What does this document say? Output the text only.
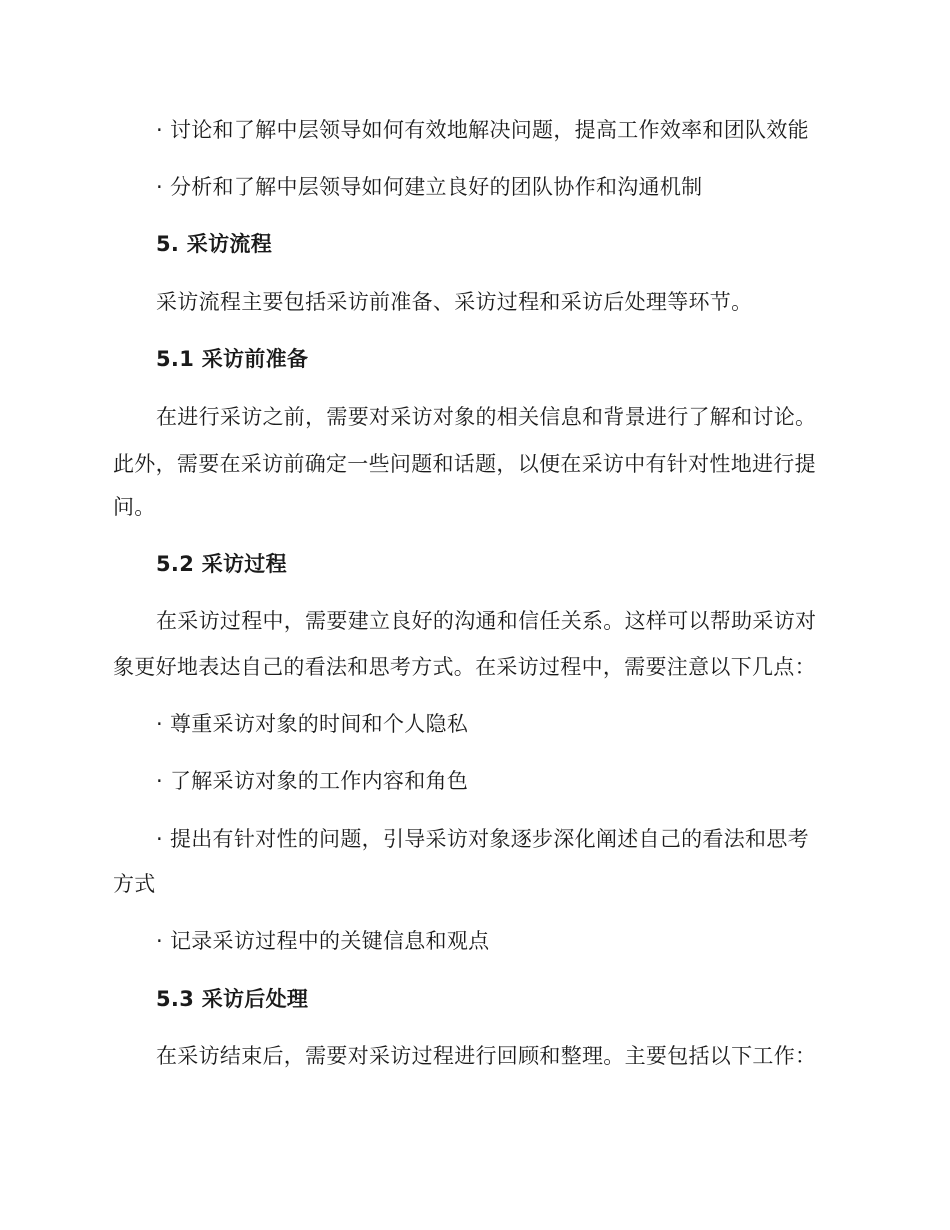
· 讨论和了解中层领导如何有效地解决问题，提高工作效率和团队效能
· 分析和了解中层领导如何建立良好的团队协作和沟通机制
5. 采访流程
采访流程主要包括采访前准备、采访过程和采访后处理等环节。
5.1 采访前准备
在进行采访之前，需要对采访对象的相关信息和背景进行了解和讨论。
此外，需要在采访前确定一些问题和话题，以便在采访中有针对性地进行提
问。
5.2 采访过程
在采访过程中，需要建立良好的沟通和信任关系。这样可以帮助采访对
象更好地表达自己的看法和思考方式。在采访过程中，需要注意以下几点：
· 尊重采访对象的时间和个人隐私
· 了解采访对象的工作内容和角色
· 提出有针对性的问题，引导采访对象逐步深化阐述自己的看法和思考
方式
· 记录采访过程中的关键信息和观点
5.3 采访后处理
在采访结束后，需要对采访过程进行回顾和整理。主要包括以下工作：
